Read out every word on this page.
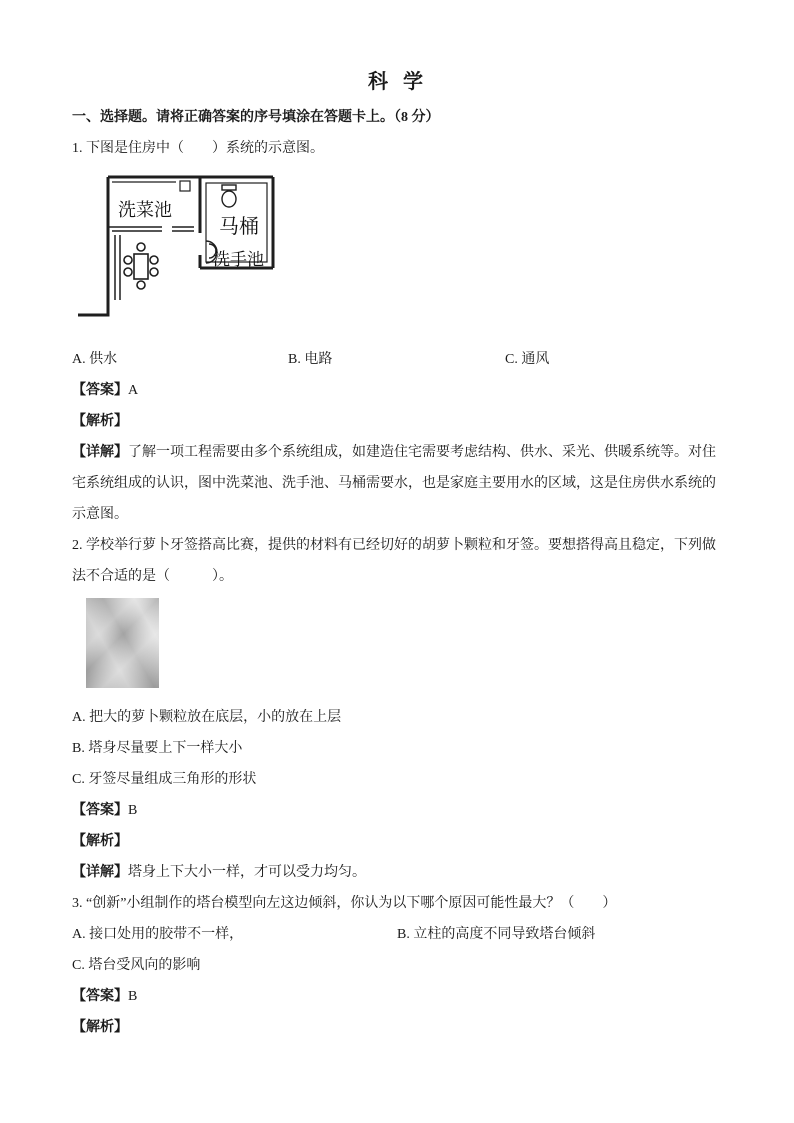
科 学
一、选择题。请将正确答案的序号填涂在答题卡上。（8 分）
1. 下图是住房中（　　）系统的示意图。
洗菜池
马桶
洗手池
A. 供水	B. 电路	C. 通风
【答案】A
【解析】

【详解】了解一项工程需要由多个系统组成，如建造住宅需要考虑结构、供水、采光、供暖系统等。对住宅系统组成的认识，图中洗菜池、洗手池、马桶需要水，也是家庭主要用水的区域，这是住房供水系统的示意图。

2. 学校举行萝卜牙签搭高比赛，提供的材料有已经切好的胡萝卜颗粒和牙签。要想搭得高且稳定，下列做法不合适的是（　　　）。

A. 把大的萝卜颗粒放在底层，小的放在上层
B. 塔身尽量要上下一样大小
C. 牙签尽量组成三角形的形状
【答案】B
【解析】

【详解】塔身上下大小一样，才可以受力均匀。

3. “创新”小组制作的塔台模型向左这边倾斜，你认为以下哪个原因可能性最大？（　　）
A. 接口处用的胶带不一样，	B. 立柱的高度不同导致塔台倾斜
C. 塔台受风向的影响
【答案】B
【解析】
